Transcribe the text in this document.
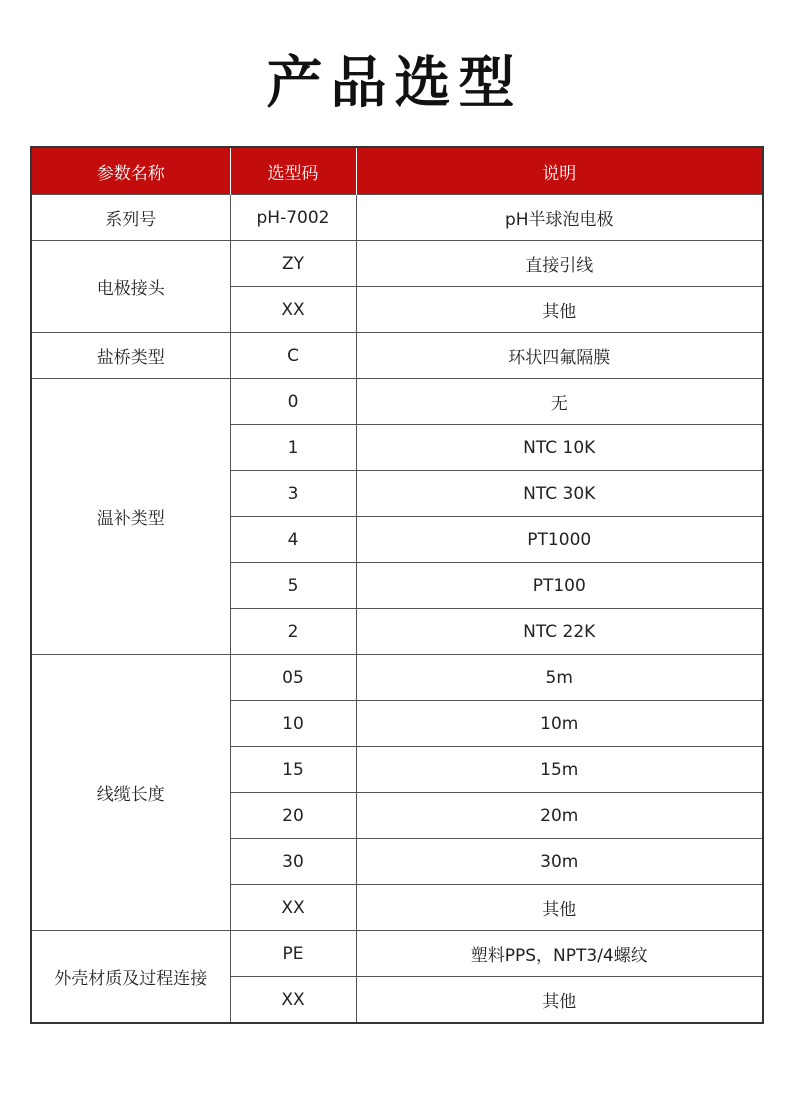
产品选型
参数名称	选型码	说明
系列号	pH-7002	pH半球泡电极
电极接头	ZY	直接引线
	XX	其他
盐桥类型	C	环状四氟隔膜
温补类型	0	无
	1	NTC 10K
	3	NTC 30K
	4	PT1000
	5	PT100
	2	NTC 22K
线缆长度	05	5m
	10	10m
	15	15m
	20	20m
	30	30m
	XX	其他
外壳材质及过程连接	PE	塑料PPS，NPT3/4螺纹
	XX	其他
